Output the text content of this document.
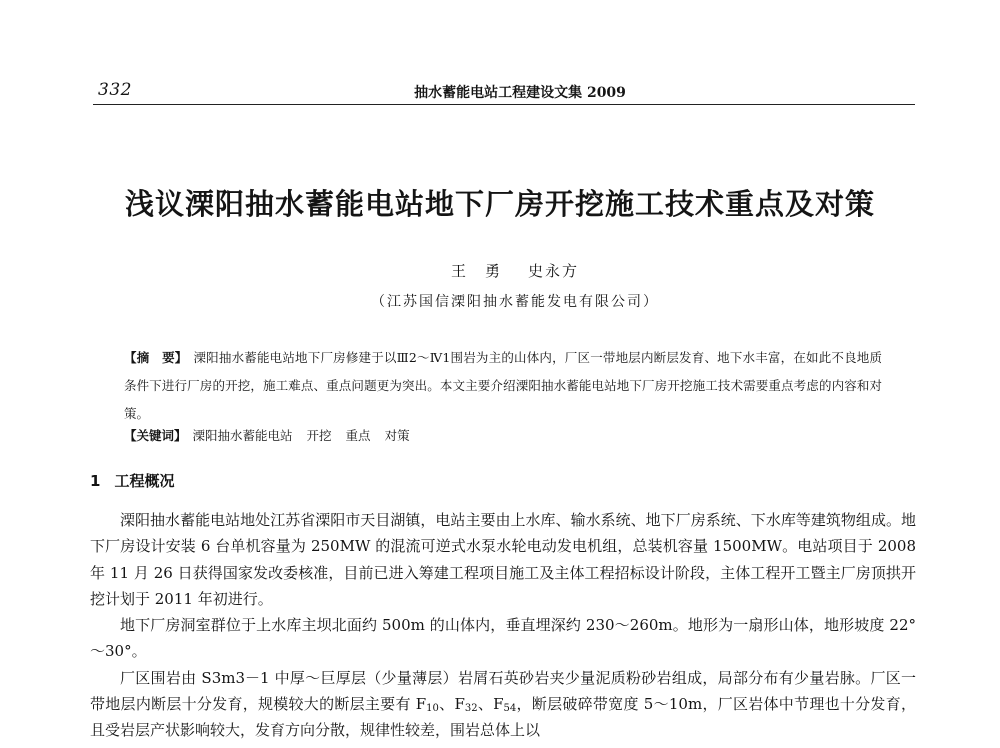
332	抽水蓄能电站工程建设文集 2009
浅议溧阳抽水蓄能电站地下厂房开挖施工技术重点及对策
王　勇 史永方
（江苏国信溧阳抽水蓄能发电有限公司）
【摘　要】 溧阳抽水蓄能电站地下厂房修建于以Ⅲ2～Ⅳ1围岩为主的山体内，厂区一带地层内断层发育、地下水丰富，在如此不良地质条件下进行厂房的开挖，施工难点、重点问题更为突出。本文主要介绍溧阳抽水蓄能电站地下厂房开挖施工技术需要重点考虑的内容和对策。
【关键词】 溧阳抽水蓄能电站 开挖 重点 对策
1 工程概况

溧阳抽水蓄能电站地处江苏省溧阳市天目湖镇，电站主要由上水库、输水系统、地下厂房系统、下水库等建筑物组成。地下厂房设计安装 6 台单机容量为 250MW 的混流可逆式水泵水轮电动发电机组，总装机容量 1500MW。电站项目于 2008 年 11 月 26 日获得国家发改委核准，目前已进入筹建工程项目施工及主体工程招标设计阶段，主体工程开工暨主厂房顶拱开挖计划于 2011 年初进行。

地下厂房洞室群位于上水库主坝北面约 500m 的山体内，垂直埋深约 230～260m。地形为一扇形山体，地形坡度 22°～30°。

厂区围岩由 S3m3－1 中厚～巨厚层（少量薄层）岩屑石英砂岩夹少量泥质粉砂岩组成，局部分布有少量岩脉。厂区一带地层内断层十分发育，规模较大的断层主要有 $F_{10}$、$F_{32}$、$F_{54}$，断层破碎带宽度 5～10m，厂区岩体中节理也十分发育，且受岩层产状影响较大，发育方向分散，规律性较差，围岩总体上以
